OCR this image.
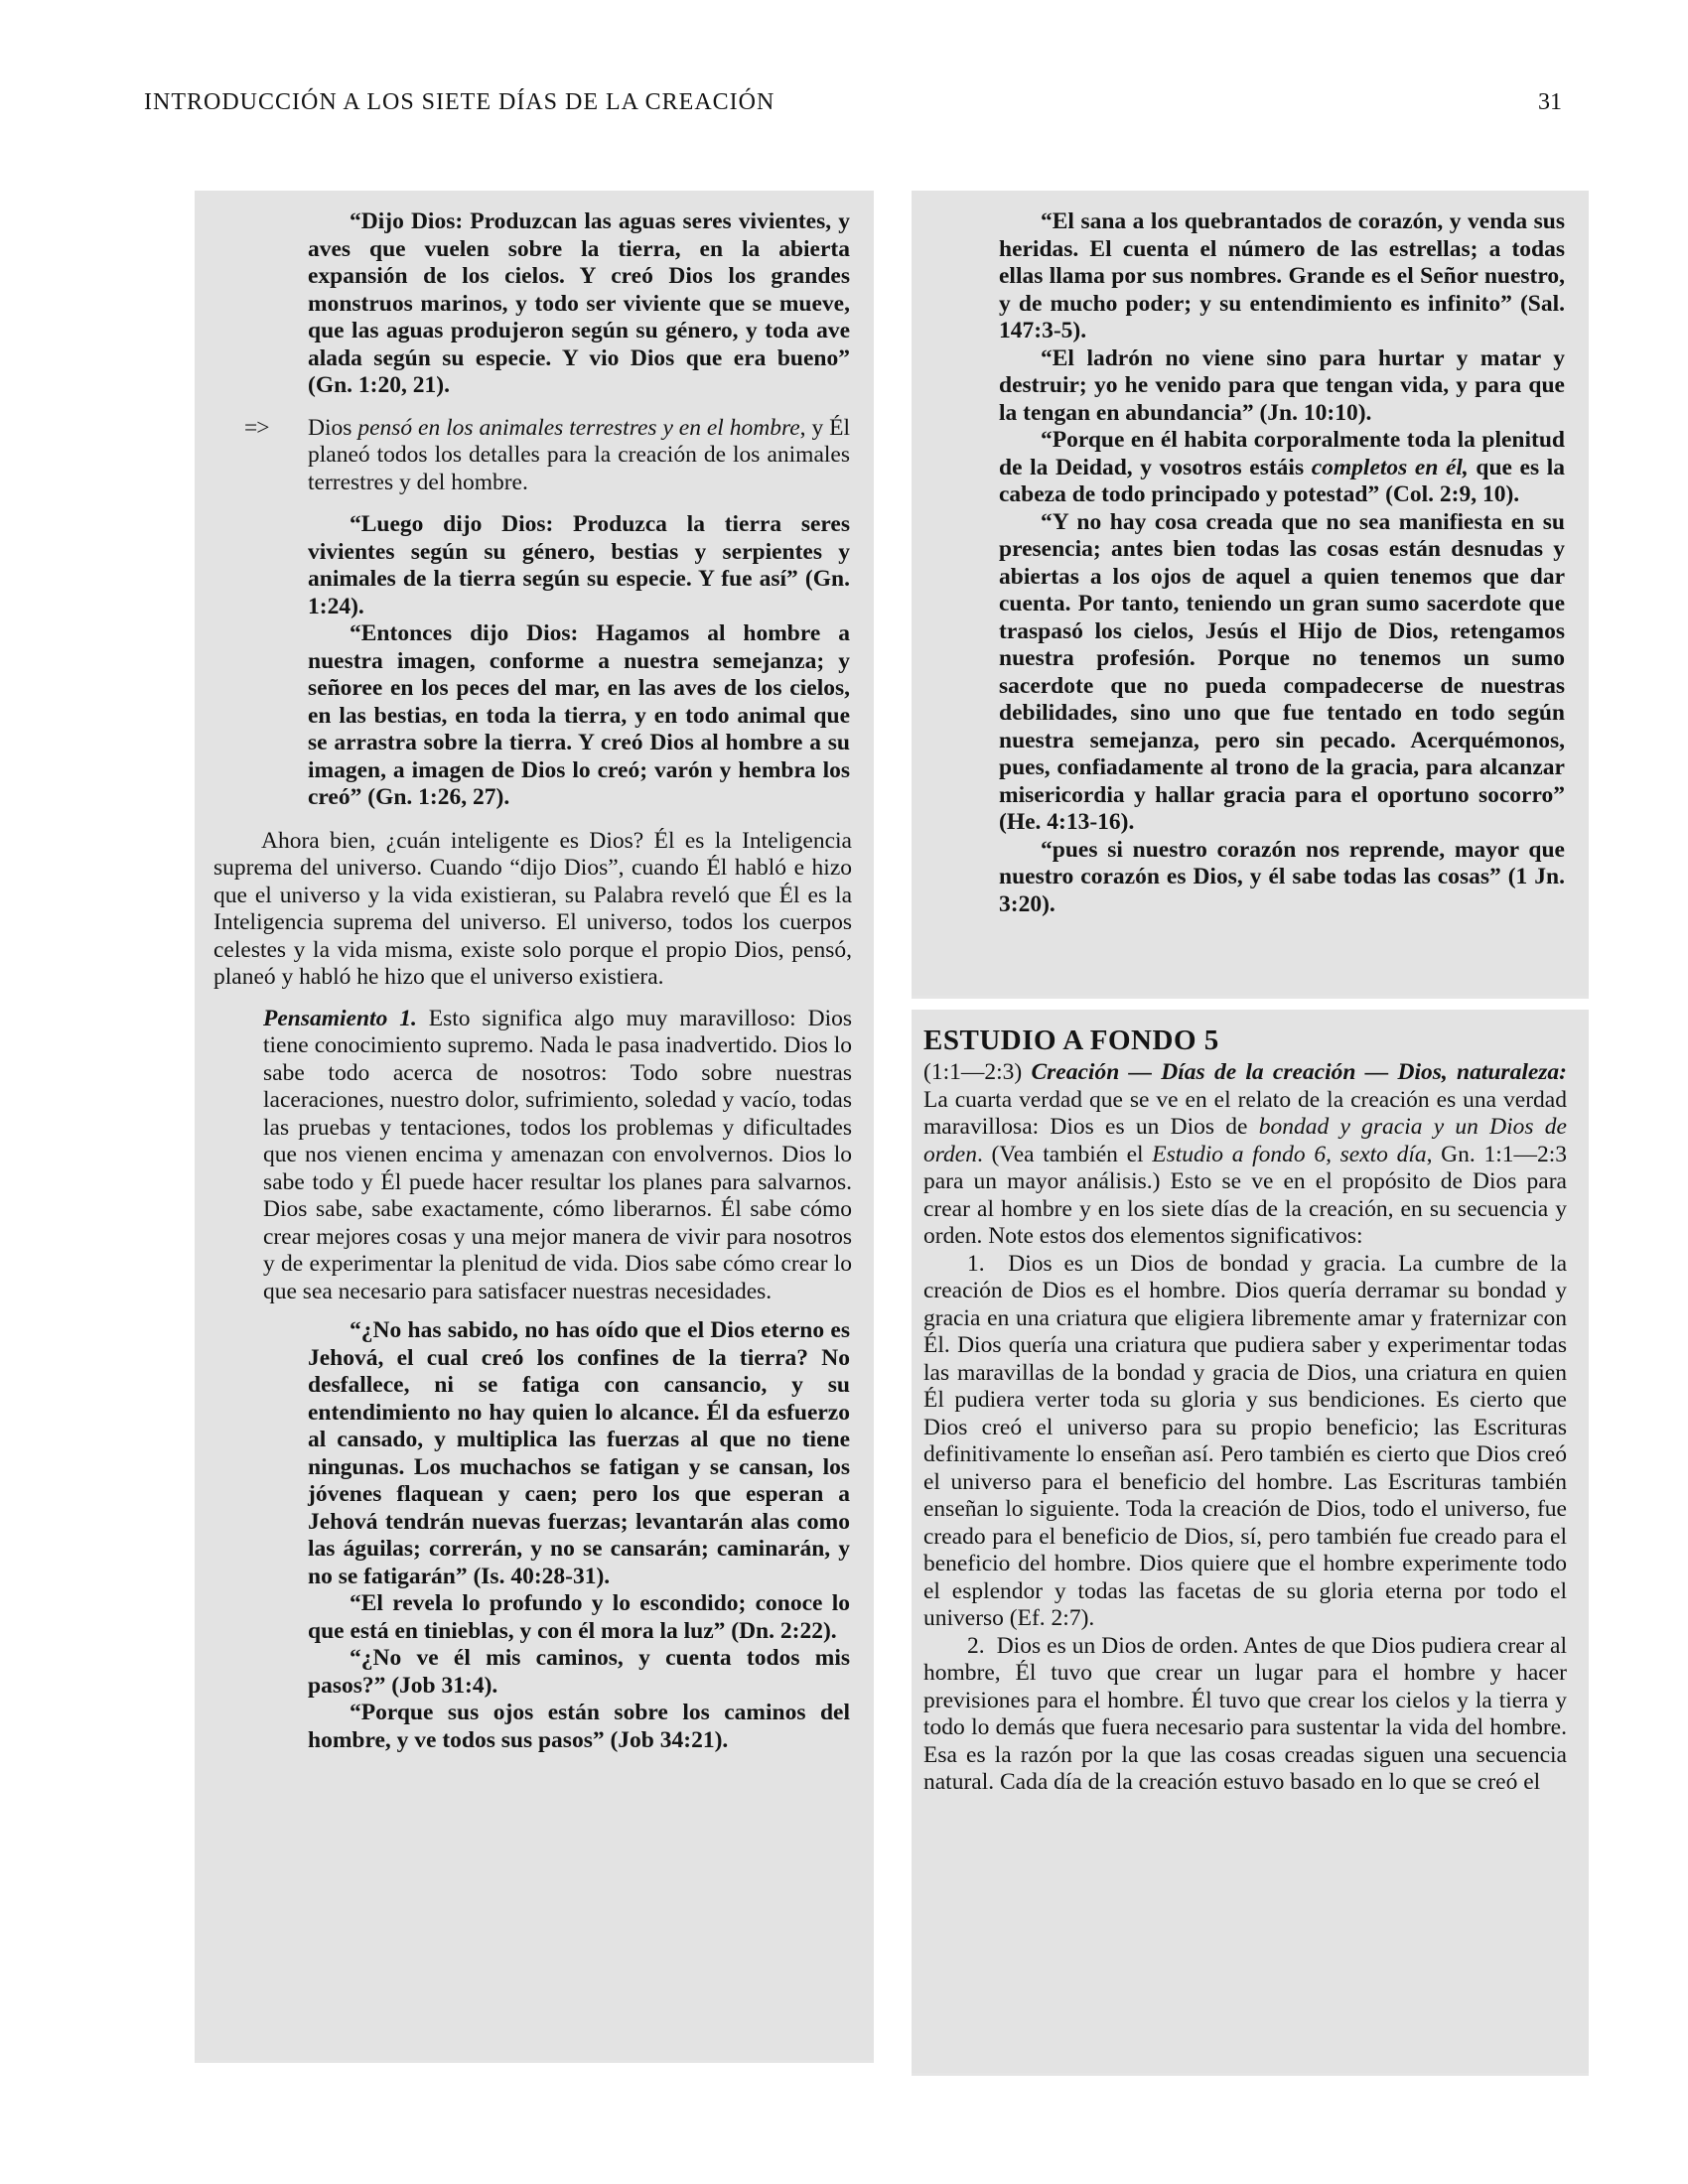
INTRODUCCIÓN A LOS SIETE DÍAS DE LA CREACIÓN	31

“Dijo Dios: Produzcan las aguas seres vivientes, y aves que vuelen sobre la tierra, en la abierta expansión de los cielos. Y creó Dios los grandes monstruos marinos, y todo ser viviente que se mueve, que las aguas produjeron según su género, y toda ave alada según su especie. Y vio Dios que era bueno” (Gn. 1:20, 21).

=> Dios pensó en los animales terrestres y en el hombre, y Él planeó todos los detalles para la creación de los animales terrestres y del hombre.

“Luego dijo Dios: Produzca la tierra seres vivientes según su género, bestias y serpientes y animales de la tierra según su especie. Y fue así” (Gn. 1:24).

“Entonces dijo Dios: Hagamos al hombre a nuestra imagen, conforme a nuestra semejanza; y señoree en los peces del mar, en las aves de los cielos, en las bestias, en toda la tierra, y en todo animal que se arrastra sobre la tierra. Y creó Dios al hombre a su imagen, a imagen de Dios lo creó; varón y hembra los creó” (Gn. 1:26, 27).

Ahora bien, ¿cuán inteligente es Dios? Él es la Inteligencia suprema del universo. Cuando “dijo Dios”, cuando Él habló e hizo que el universo y la vida existieran, su Palabra reveló que Él es la Inteligencia suprema del universo. El universo, todos los cuerpos celestes y la vida misma, existe solo porque el propio Dios, pensó, planeó y habló he hizo que el universo existiera.

Pensamiento 1. Esto significa algo muy maravilloso: Dios tiene conocimiento supremo. Nada le pasa inadvertido. Dios lo sabe todo acerca de nosotros: Todo sobre nuestras laceraciones, nuestro dolor, sufrimiento, soledad y vacío, todas las pruebas y tentaciones, todos los problemas y dificultades que nos vienen encima y amenazan con envolvernos. Dios lo sabe todo y Él puede hacer resultar los planes para salvarnos. Dios sabe, sabe exactamente, cómo liberarnos. Él sabe cómo crear mejores cosas y una mejor manera de vivir para nosotros y de experimentar la plenitud de vida. Dios sabe cómo crear lo que sea necesario para satisfacer nuestras necesidades.

“¿No has sabido, no has oído que el Dios eterno es Jehová, el cual creó los confines de la tierra? No desfallece, ni se fatiga con cansancio, y su entendimiento no hay quien lo alcance. Él da esfuerzo al cansado, y multiplica las fuerzas al que no tiene ningunas. Los muchachos se fatigan y se cansan, los jóvenes flaquean y caen; pero los que esperan a Jehová tendrán nuevas fuerzas; levantarán alas como las águilas; correrán, y no se cansarán; caminarán, y no se fatigarán” (Is. 40:28-31).

“El revela lo profundo y lo escondido; conoce lo que está en tinieblas, y con él mora la luz” (Dn. 2:22).

“¿No ve él mis caminos, y cuenta todos mis pasos?” (Job 31:4).

“Porque sus ojos están sobre los caminos del hombre, y ve todos sus pasos” (Job 34:21).

“El sana a los quebrantados de corazón, y venda sus heridas. El cuenta el número de las estrellas; a todas ellas llama por sus nombres. Grande es el Señor nuestro, y de mucho poder; y su entendimiento es infinito” (Sal. 147:3-5).

“El ladrón no viene sino para hurtar y matar y destruir; yo he venido para que tengan vida, y para que la tengan en abundancia” (Jn. 10:10).

“Porque en él habita corporalmente toda la plenitud de la Deidad, y vosotros estáis completos en él, que es la cabeza de todo principado y potestad” (Col. 2:9, 10).

“Y no hay cosa creada que no sea manifiesta en su presencia; antes bien todas las cosas están desnudas y abiertas a los ojos de aquel a quien tenemos que dar cuenta. Por tanto, teniendo un gran sumo sacerdote que traspasó los cielos, Jesús el Hijo de Dios, retengamos nuestra profesión. Porque no tenemos un sumo sacerdote que no pueda compadecerse de nuestras debilidades, sino uno que fue tentado en todo según nuestra semejanza, pero sin pecado. Acerquémonos, pues, confiadamente al trono de la gracia, para alcanzar misericordia y hallar gracia para el oportuno socorro” (He. 4:13-16).

“pues si nuestro corazón nos reprende, mayor que nuestro corazón es Dios, y él sabe todas las cosas” (1 Jn. 3:20).

ESTUDIO A FONDO 5

(1:1—2:3) Creación — Días de la creación — Dios, naturaleza: La cuarta verdad que se ve en el relato de la creación es una verdad maravillosa: Dios es un Dios de bondad y gracia y un Dios de orden. (Vea también el Estudio a fondo 6, sexto día, Gn. 1:1—2:3 para un mayor análisis.) Esto se ve en el propósito de Dios para crear al hombre y en los siete días de la creación, en su secuencia y orden. Note estos dos elementos significativos:

1.  Dios es un Dios de bondad y gracia. La cumbre de la creación de Dios es el hombre. Dios quería derramar su bondad y gracia en una criatura que eligiera libremente amar y fraternizar con Él. Dios quería una criatura que pudiera saber y experimentar todas las maravillas de la bondad y gracia de Dios, una criatura en quien Él pudiera verter toda su gloria y sus bendiciones. Es cierto que Dios creó el universo para su propio beneficio; las Escrituras definitivamente lo enseñan así. Pero también es cierto que Dios creó el universo para el beneficio del hombre. Las Escrituras también enseñan lo siguiente. Toda la creación de Dios, todo el universo, fue creado para el beneficio de Dios, sí, pero también fue creado para el beneficio del hombre. Dios quiere que el hombre experimente todo el esplendor y todas las facetas de su gloria eterna por todo el universo (Ef. 2:7).

2.  Dios es un Dios de orden. Antes de que Dios pudiera crear al hombre, Él tuvo que crear un lugar para el hombre y hacer previsiones para el hombre. Él tuvo que crear los cielos y la tierra y todo lo demás que fuera necesario para sustentar la vida del hombre. Esa es la razón por la que las cosas creadas siguen una secuencia natural. Cada día de la creación estuvo basado en lo que se creó el
